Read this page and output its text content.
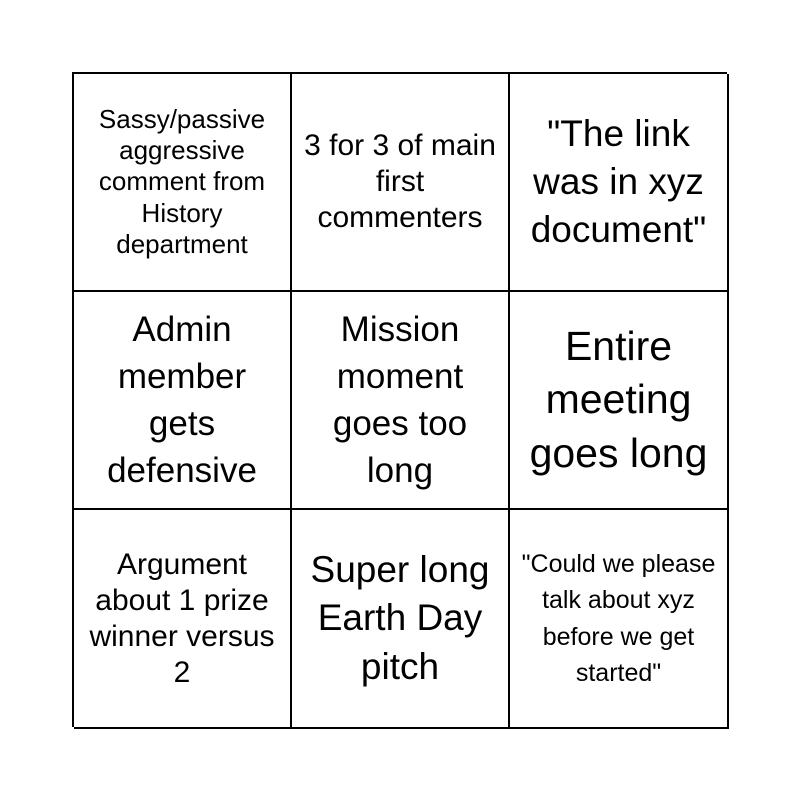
Sassy/passive aggressive comment from History department
3 for 3 of main first commenters
"The link was in xyz document"
Admin member gets defensive
Mission moment goes too long
Entire meeting goes long
Argument about 1 prize winner versus 2
Super long Earth Day pitch
"Could we please talk about xyz before we get started"
